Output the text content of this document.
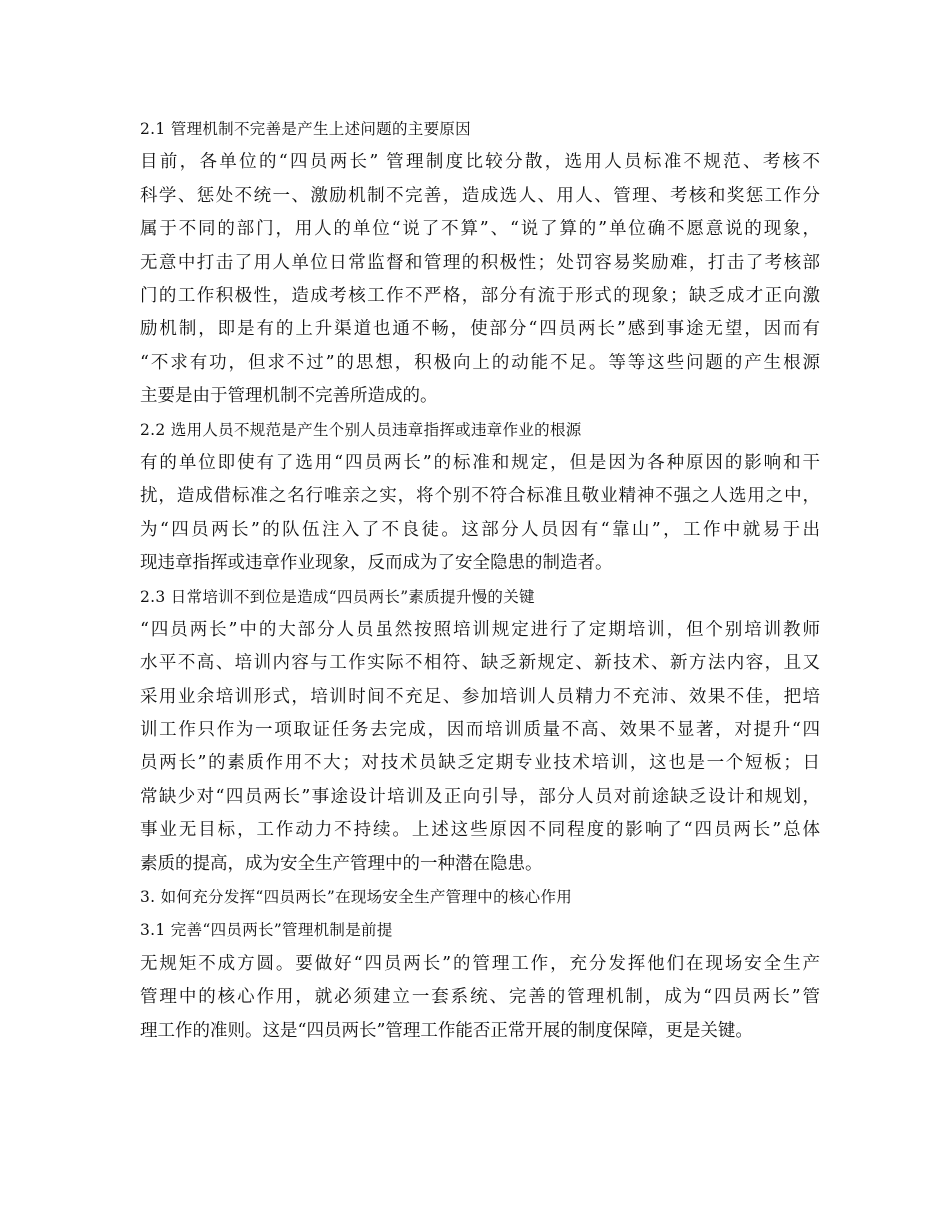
2.1 管理机制不完善是产生上述问题的主要原因
目前，各单位的“四员两长” 管理制度比较分散，选用人员标准不规范、考核不
科学、惩处不统一、激励机制不完善，造成选人、用人、管理、考核和奖惩工作分
属于不同的部门，用人的单位“说了不算”、“说了算的”单位确不愿意说的现象，
无意中打击了用人单位日常监督和管理的积极性；处罚容易奖励难，打击了考核部
门的工作积极性，造成考核工作不严格，部分有流于形式的现象；缺乏成才正向激
励机制，即是有的上升渠道也通不畅，使部分“四员两长”感到事途无望，因而有
“不求有功，但求不过”的思想，积极向上的动能不足。等等这些问题的产生根源
主要是由于管理机制不完善所造成的。
2.2 选用人员不规范是产生个别人员违章指挥或违章作业的根源
有的单位即使有了选用“四员两长”的标准和规定，但是因为各种原因的影响和干
扰，造成借标准之名行唯亲之实，将个别不符合标准且敬业精神不强之人选用之中，
为“四员两长”的队伍注入了不良徒。这部分人员因有“靠山”，工作中就易于出
现违章指挥或违章作业现象，反而成为了安全隐患的制造者。
2.3 日常培训不到位是造成“四员两长”素质提升慢的关键
“四员两长”中的大部分人员虽然按照培训规定进行了定期培训，但个别培训教师
水平不高、培训内容与工作实际不相符、缺乏新规定、新技术、新方法内容，且又
采用业余培训形式，培训时间不充足、参加培训人员精力不充沛、效果不佳，把培
训工作只作为一项取证任务去完成，因而培训质量不高、效果不显著，对提升“四
员两长”的素质作用不大；对技术员缺乏定期专业技术培训，这也是一个短板；日
常缺少对“四员两长”事途设计培训及正向引导，部分人员对前途缺乏设计和规划，
事业无目标，工作动力不持续。上述这些原因不同程度的影响了“四员两长”总体
素质的提高，成为安全生产管理中的一种潜在隐患。
3. 如何充分发挥“四员两长”在现场安全生产管理中的核心作用
3.1 完善“四员两长”管理机制是前提
无规矩不成方圆。要做好“四员两长”的管理工作，充分发挥他们在现场安全生产
管理中的核心作用，就必须建立一套系统、完善的管理机制，成为“四员两长”管
理工作的准则。这是“四员两长”管理工作能否正常开展的制度保障，更是关键。
